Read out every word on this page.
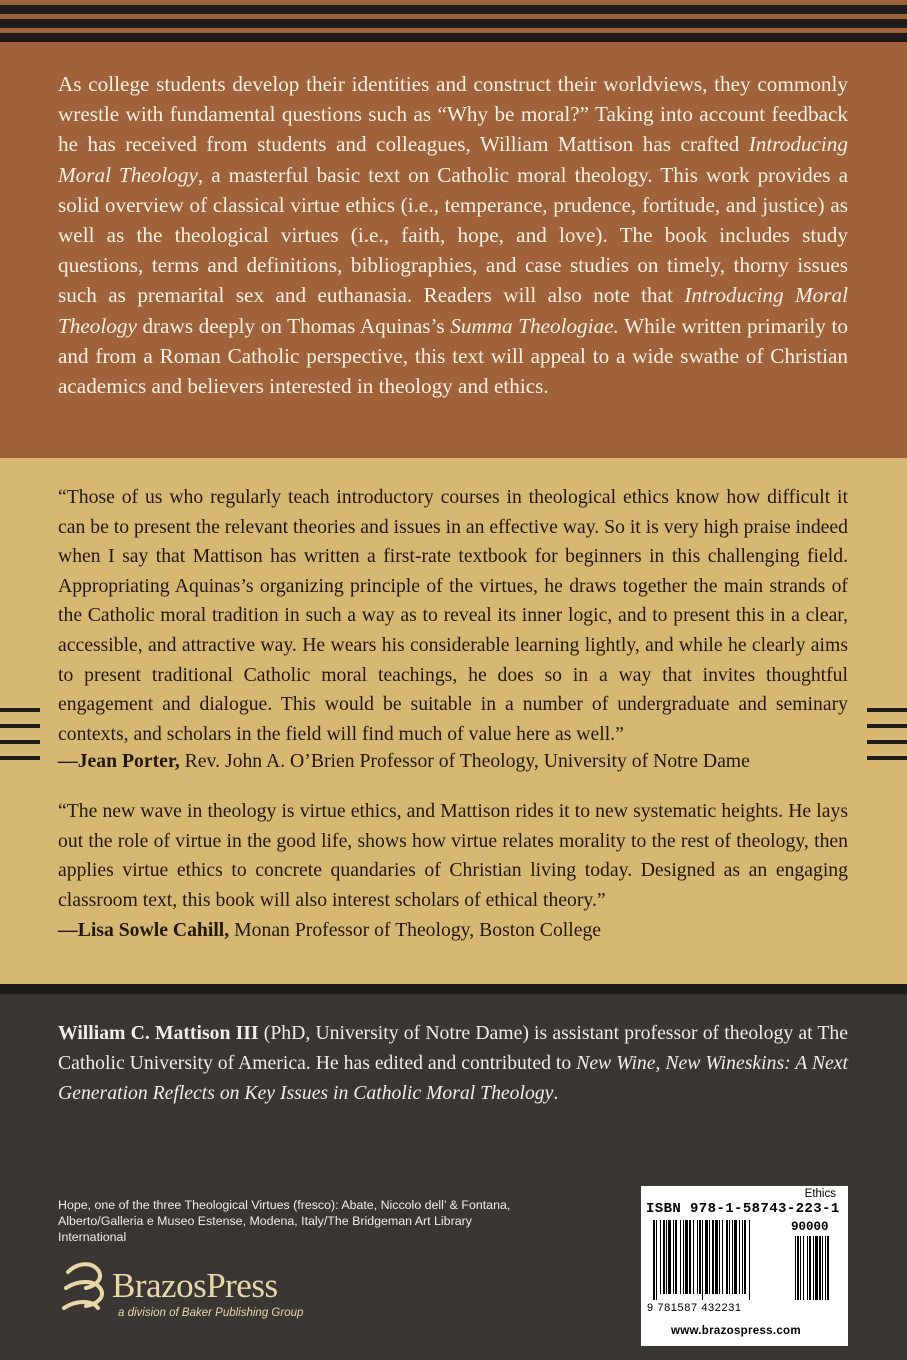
As college students develop their identities and construct their worldviews, they commonly wrestle with fundamental questions such as “Why be moral?” Taking into account feedback he has received from students and colleagues, William Mattison has crafted Introducing Moral Theology, a masterful basic text on Catholic moral theology. This work provides a solid overview of classical virtue ethics (i.e., temperance, prudence, fortitude, and justice) as well as the theological virtues (i.e., faith, hope, and love). The book includes study questions, terms and definitions, bibliographies, and case studies on timely, thorny issues such as premarital sex and euthanasia. Readers will also note that Introducing Moral Theology draws deeply on Thomas Aquinas’s Summa Theologiae. While written primarily to and from a Roman Catholic perspective, this text will appeal to a wide swathe of Christian academics and believers interested in theology and ethics.

“Those of us who regularly teach introductory courses in theological ethics know how difficult it can be to present the relevant theories and issues in an effective way. So it is very high praise indeed when I say that Mattison has written a first-rate textbook for beginners in this challenging field. Appropriating Aquinas’s organizing principle of the virtues, he draws together the main strands of the Catholic moral tradition in such a way as to reveal its inner logic, and to present this in a clear, accessible, and attractive way. He wears his considerable learning lightly, and while he clearly aims to present traditional Catholic moral teachings, he does so in a way that invites thoughtful engagement and dialogue. This would be suitable in a number of undergraduate and seminary contexts, and scholars in the field will find much of value here as well.”

—Jean Porter, Rev. John A. O’Brien Professor of Theology, University of Notre Dame

“The new wave in theology is virtue ethics, and Mattison rides it to new systematic heights. He lays out the role of virtue in the good life, shows how virtue relates morality to the rest of theology, then applies virtue ethics to concrete quandaries of Christian living today. Designed as an engaging classroom text, this book will also interest scholars of ethical theory.”

—Lisa Sowle Cahill, Monan Professor of Theology, Boston College

William C. Mattison III (PhD, University of Notre Dame) is assistant professor of theology at The Catholic University of America. He has edited and contributed to New Wine, New Wineskins: A Next Generation Reflects on Key Issues in Catholic Moral Theology.

Hope, one of the three Theological Virtues (fresco): Abate, Niccolo dell’ & Fontana, Alberto/Galleria e Museo Estense, Modena, Italy/The Bridgeman Art Library International

BrazosPress
a division of Baker Publishing Group
Ethics
ISBN 978-1-58743-223-1
90000
9 781587 432231
www.brazospress.com
